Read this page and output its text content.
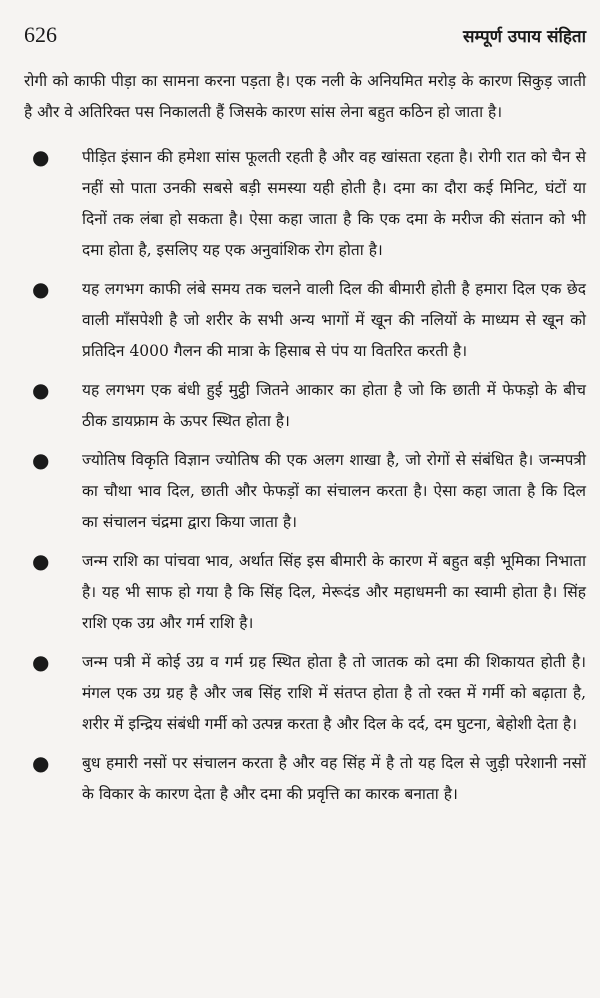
626	सम्पूर्ण उपाय संहिता

रोगी को काफी पीड़ा का सामना करना पड़ता है। एक नली के अनियमित मरोड़ के कारण सिकुड़ जाती है और वे अतिरिक्त पस निकालती हैं जिसके कारण सांस लेना बहुत कठिन हो जाता है।

●	पीड़ित इंसान की हमेशा सांस फूलती रहती है और वह खांसता रहता है। रोगी रात को चैन से नहीं सो पाता उनकी सबसे बड़ी समस्या यही होती है। दमा का दौरा कई मिनिट, घंटों या दिनों तक लंबा हो सकता है। ऐसा कहा जाता है कि एक दमा के मरीज की संतान को भी दमा होता है, इसलिए यह एक अनुवांशिक रोग होता है।
●	यह लगभग काफी लंबे समय तक चलने वाली दिल की बीमारी होती है हमारा दिल एक छेद वाली माँसपेशी है जो शरीर के सभी अन्य भागों में खून की नलियों के माध्यम से खून को प्रतिदिन 4000 गैलन की मात्रा के हिसाब से पंप या वितरित करती है।
●	यह लगभग एक बंधी हुई मुट्ठी जितने आकार का होता है जो कि छाती में फेफड़ो के बीच ठीक डायफ्राम के ऊपर स्थित होता है।
●	ज्योतिष विकृति विज्ञान ज्योतिष की एक अलग शाखा है, जो रोगों से संबंधित है। जन्मपत्री का चौथा भाव दिल, छाती और फेफड़ों का संचालन करता है। ऐसा कहा जाता है कि दिल का संचालन चंद्रमा द्वारा किया जाता है।
●	जन्म राशि का पांचवा भाव, अर्थात सिंह इस बीमारी के कारण में बहुत बड़ी भूमिका निभाता है। यह भी साफ हो गया है कि सिंह दिल, मेरूदंड और महाधमनी का स्वामी होता है। सिंह राशि एक उग्र और गर्म राशि है।
●	जन्म पत्री में कोई उग्र व गर्म ग्रह स्थित होता है तो जातक को दमा की शिकायत होती है। मंगल एक उग्र ग्रह है और जब सिंह राशि में संतप्त होता है तो रक्त में गर्मी को बढ़ाता है, शरीर में इन्द्रिय संबंधी गर्मी को उत्पन्न करता है और दिल के दर्द, दम घुटना, बेहोशी देता है।
●	बुध हमारी नसों पर संचालन करता है और वह सिंह में है तो यह दिल से जुड़ी परेशानी नसों के विकार के कारण देता है और दमा की प्रवृत्ति का कारक बनाता है।
